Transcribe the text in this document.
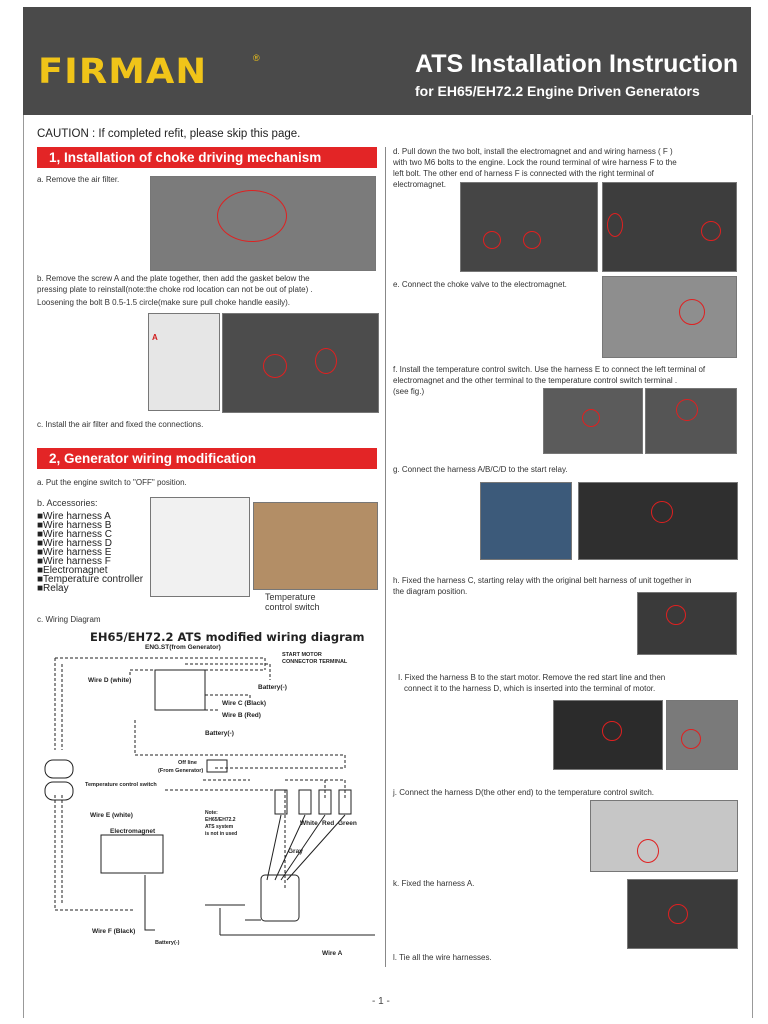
FIRMAN	®	ATS Installation Instruction
for EH65/EH72.2 Engine Driven Generators
CAUTION : If completed refit, please skip this page.
1, Installation of choke driving mechanism
a. Remove the air filter.
b. Remove the screw A and the plate together, then add the gasket below the
pressing plate to reinstall(note:the choke rod location can not be out of plate) .
Loosening the bolt B 0.5-1.5 circle(make sure pull choke handle easily).
A
c. Install the air filter and fixed the connections.
2, Generator wiring modification
a. Put the engine switch to "OFF" position.
b. Accessories:
■Wire harness A
■Wire harness B
■Wire harness C
■Wire harness D
■Wire harness E
■Wire harness F
■Electromagnet
■Temperature controller
■Relay
Temperature
control switch
c. Wiring Diagram
EH65/EH72.2 ATS modified wiring diagram
ENG.ST(from Generator)
START MOTOR
CONNECTOR TERMINAL
Wire D (white)
Battery(-)
Wire C (Black)
Wire B (Red)
Battery(-)
Off line
(From Generator)
Temperature control switch
Wire E (white)
Electromagnet
Note:
EH65/EH72.2
ATS system
is not in used
Gray
White Red Green
Wire F (Black)
Battery(-)
Wire A
d. Pull down the two bolt, install the electromagnet and and wiring harness ( F )
with two M6 bolts to the engine. Lock the round terminal of wire harness F to the
left bolt. The other end of harness F is connected with the right terminal of
electromagnet.
e. Connect the choke valve to the electromagnet.
f. Install the temperature control switch. Use the harness E to connect the left terminal of
electromagnet and the other terminal to the temperature control switch terminal .
(see fig.)
g. Connect the harness A/B/C/D to the start relay.
h. Fixed the harness C, starting relay with the original belt harness of unit together in
the diagram position.
I. Fixed the harness B to the start motor. Remove the red start line and then
connect it to the harness D, which is inserted into the terminal of motor.
j. Connect the harness D(the other end) to the temperature control switch.
k. Fixed the harness A.
l. Tie all the wire harnesses.
- 1 -
